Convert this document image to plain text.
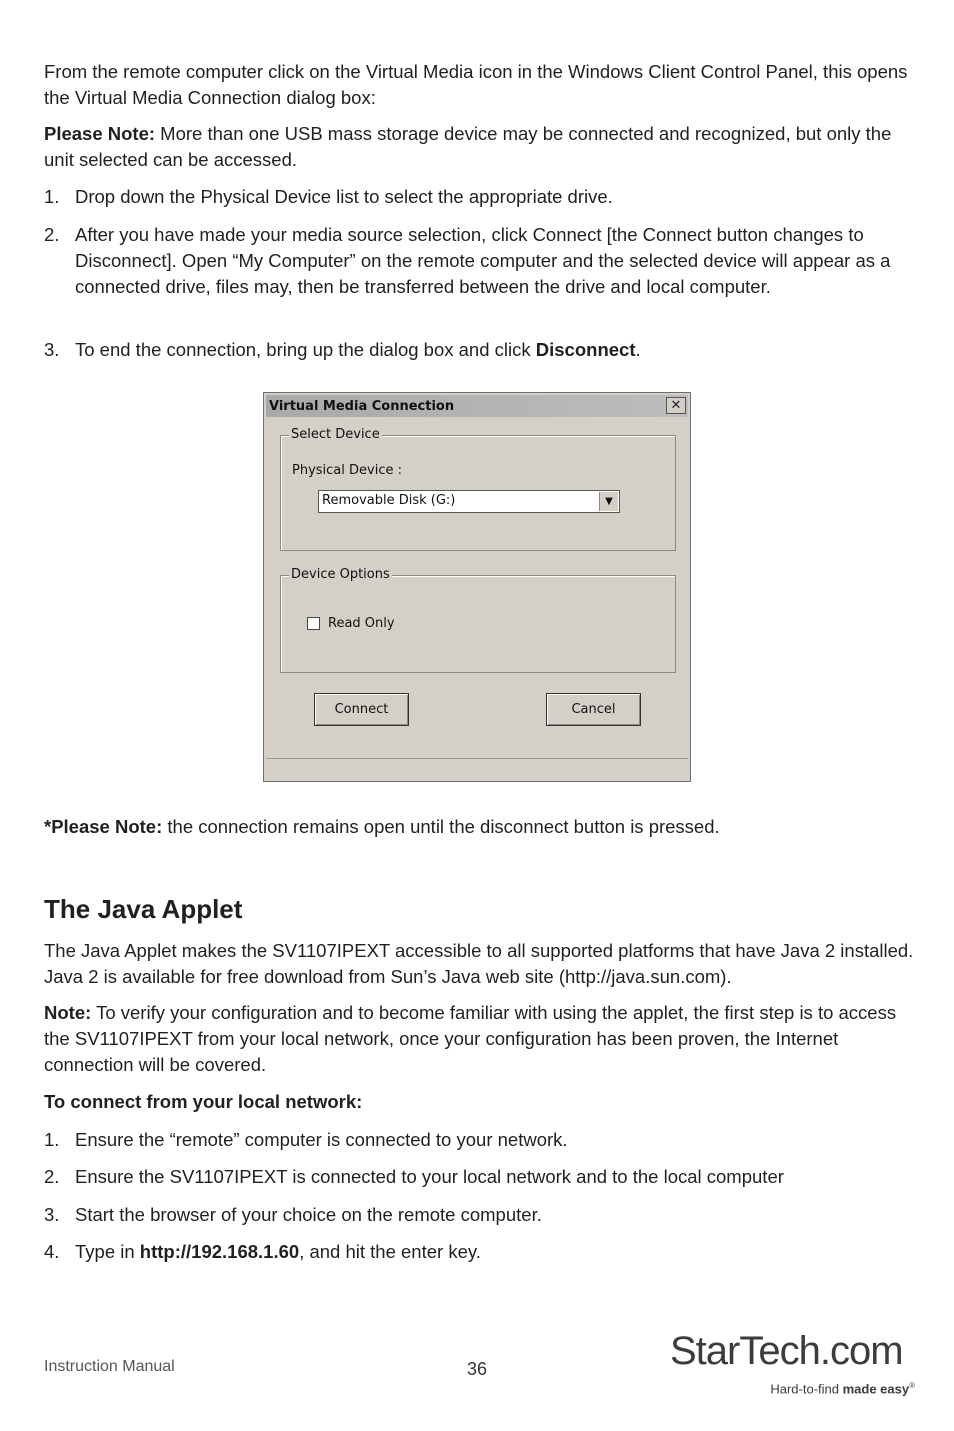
From the remote computer click on the Virtual Media icon in the Windows Client Control Panel, this opens the Virtual Media Connection dialog box:

Please Note: More than one USB mass storage device may be connected and recognized, but only the unit selected can be accessed.

1. Drop down the Physical Device list to select the appropriate drive.
2. After you have made your media source selection, click Connect [the Connect button changes to Disconnect]. Open “My Computer” on the remote computer and the selected device will appear as a connected drive, files may, then be transferred between the drive and local computer.
3. To end the connection, bring up the dialog box and click Disconnect.
Virtual Media Connection	✕
Select Device
Physical Device :
Removable Disk (G:)	▼
Device Options
Read Only
Connect	Cancel

*Please Note: the connection remains open until the disconnect button is pressed.

The Java Applet

The Java Applet makes the SV1107IPEXT accessible to all supported platforms that have Java 2 installed. Java 2 is available for free download from Sun’s Java web site (http://java.sun.com).

Note: To verify your configuration and to become familiar with using the applet, the first step is to access the SV1107IPEXT from your local network, once your configuration has been proven, the Internet connection will be covered.

To connect from your local network:

1. Ensure the “remote” computer is connected to your network.
2. Ensure the SV1107IPEXT is connected to your local network and to the local computer
3. Start the browser of your choice on the remote computer.
4. Type in http://192.168.1.60, and hit the enter key.
Instruction Manual	36	StarTech.com
Hard-to-find made easy®
